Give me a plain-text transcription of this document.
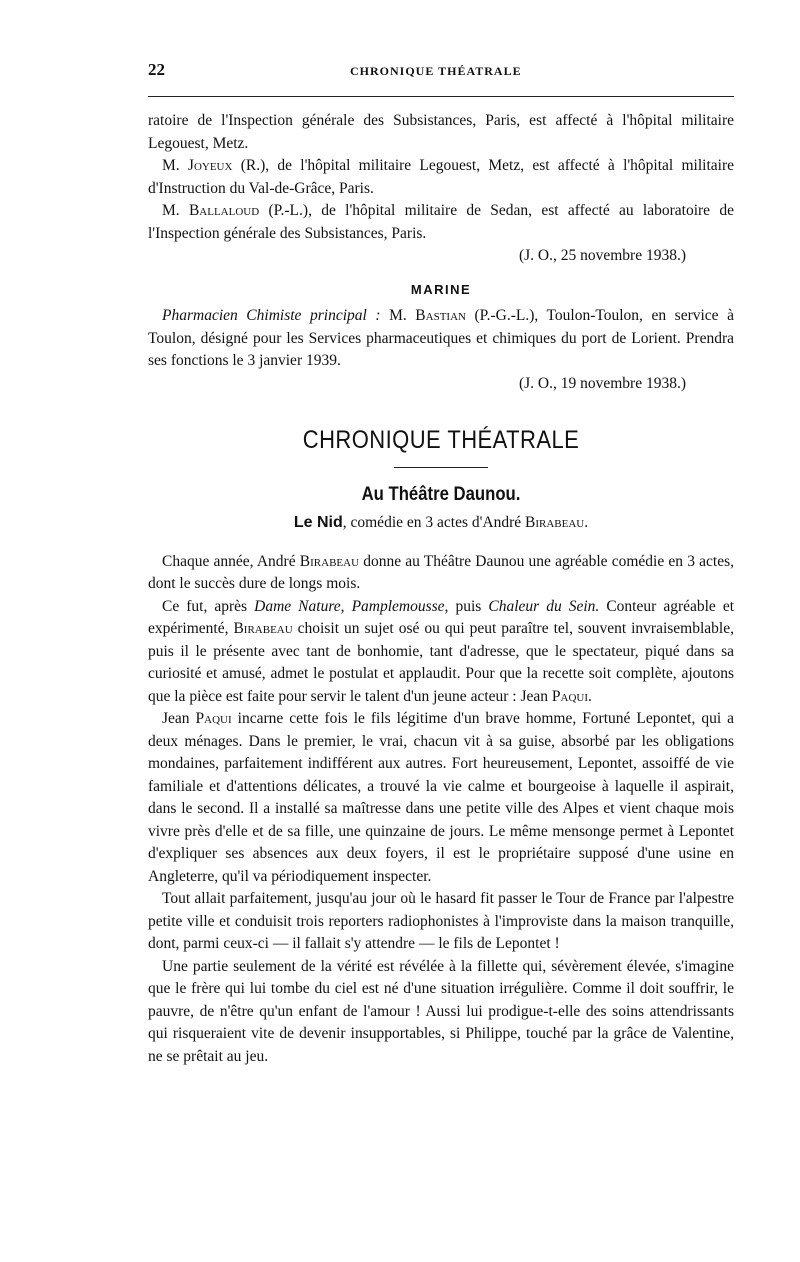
22	CHRONIQUE THÉATRALE

ratoire de l'Inspection générale des Subsistances, Paris, est affecté à l'hôpital militaire Legouest, Metz.

M. Joyeux (R.), de l'hôpital militaire Legouest, Metz, est affecté à l'hôpital militaire d'Instruction du Val-de-Grâce, Paris.

M. Ballaloud (P.-L.), de l'hôpital militaire de Sedan, est affecté au laboratoire de l'Inspection générale des Subsistances, Paris.

(J. O., 25 novembre 1938.)

MARINE

Pharmacien Chimiste principal : M. Bastian (P.-G.-L.), Toulon-Toulon, en service à Toulon, désigné pour les Services pharmaceutiques et chimiques du port de Lorient. Prendra ses fonctions le 3 janvier 1939.

(J. O., 19 novembre 1938.)

CHRONIQUE THÉATRALE
Au Théâtre Daunou.
Le Nid, comédie en 3 actes d'André Birabeau.

Chaque année, André Birabeau donne au Théâtre Daunou une agréable comédie en 3 actes, dont le succès dure de longs mois.

Ce fut, après Dame Nature, Pamplemousse, puis Chaleur du Sein. Conteur agréable et expérimenté, Birabeau choisit un sujet osé ou qui peut paraître tel, souvent invraisemblable, puis il le présente avec tant de bonhomie, tant d'adresse, que le spectateur, piqué dans sa curiosité et amusé, admet le postulat et applaudit. Pour que la recette soit complète, ajoutons que la pièce est faite pour servir le talent d'un jeune acteur : Jean Paqui.

Jean Paqui incarne cette fois le fils légitime d'un brave homme, Fortuné Lepontet, qui a deux ménages. Dans le premier, le vrai, chacun vit à sa guise, absorbé par les obligations mondaines, parfaitement indifférent aux autres. Fort heureusement, Lepontet, assoiffé de vie familiale et d'attentions délicates, a trouvé la vie calme et bourgeoise à laquelle il aspirait, dans le second. Il a installé sa maîtresse dans une petite ville des Alpes et vient chaque mois vivre près d'elle et de sa fille, une quinzaine de jours. Le même mensonge permet à Lepontet d'expliquer ses absences aux deux foyers, il est le propriétaire supposé d'une usine en Angleterre, qu'il va périodiquement inspecter.

Tout allait parfaitement, jusqu'au jour où le hasard fit passer le Tour de France par l'alpestre petite ville et conduisit trois reporters radiophonistes à l'improviste dans la maison tranquille, dont, parmi ceux-ci — il fallait s'y attendre — le fils de Lepontet !

Une partie seulement de la vérité est révélée à la fillette qui, sévèrement élevée, s'imagine que le frère qui lui tombe du ciel est né d'une situation irrégulière. Comme il doit souffrir, le pauvre, de n'être qu'un enfant de l'amour ! Aussi lui prodigue-t-elle des soins attendrissants qui risqueraient vite de devenir insupportables, si Philippe, touché par la grâce de Valentine, ne se prêtait au jeu.
